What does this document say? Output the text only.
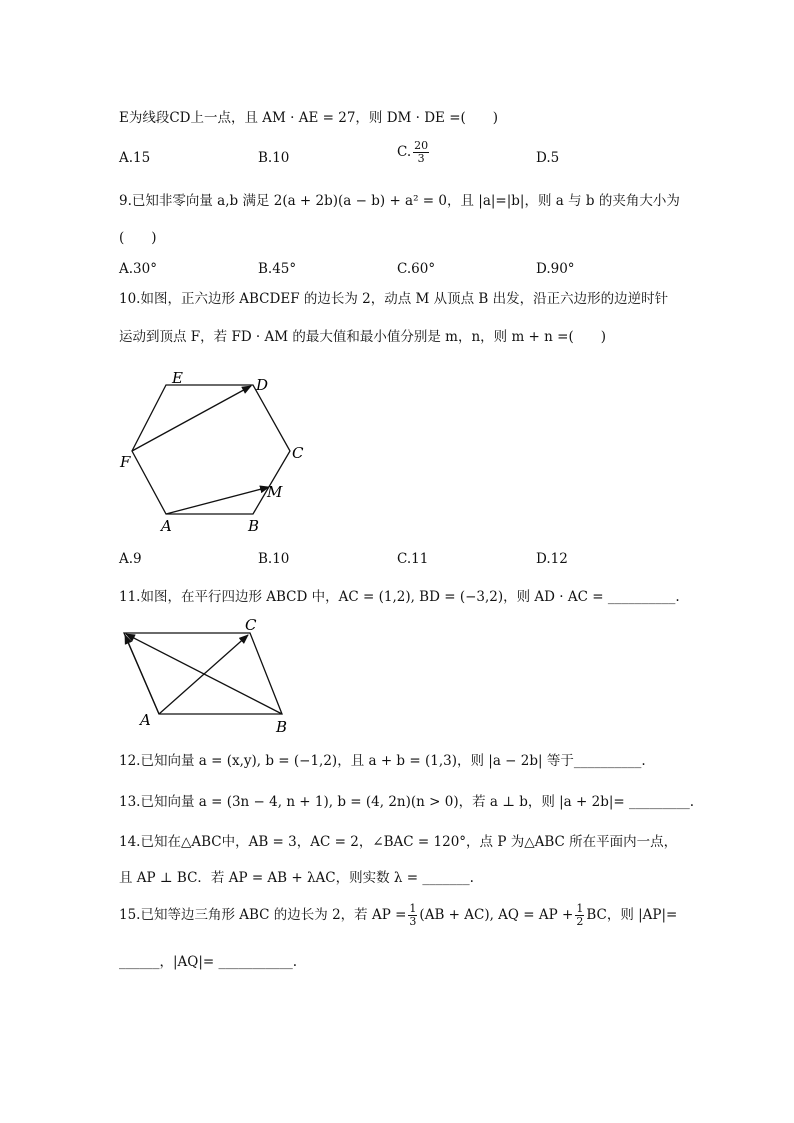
E为线段CD上一点，且 AM · AE = 27，则 DM · DE =(　　)
A.15	B.10	C. $\frac{20}{3}$	D.5
9.已知非零向量 a,b 满足 2(a + 2b)(a − b) + a² = 0，且 |a|=|b|，则 a 与 b 的夹角大小为
(　　)
A.30°	B.45°	C.60°	D.90°
10.如图，正六边形 ABCDEF 的边长为 2，动点 M 从顶点 B 出发，沿正六边形的边逆时针
运动到顶点 F，若 FD · AM 的最大值和最小值分别是 m，n，则 m + n =(　　)
E	D
C
M
F
A	B
A.9	B.10	C.11	D.12
11.如图，在平行四边形 ABCD 中，AC = (1,2), BD = (−3,2)，则 AD · AC = __________.
C
A	B
12.已知向量 a = (x,y), b = (−1,2)，且 a + b = (1,3)，则 |a − 2b| 等于__________.
13.已知向量 a = (3n − 4, n + 1), b = (4, 2n)(n > 0)，若 a ⊥ b，则 |a + 2b|= _________.
14.已知在△ABC中，AB = 3，AC = 2，∠BAC = 120°，点 P 为△ABC 所在平面内一点，
且 AP ⊥ BC．若 AP = AB + λAC，则实数 λ = _______.
15.已知等边三角形 ABC 的边长为 2，若 AP = $\frac{1}{3} (AB + AC)$, AQ = AP + $\frac{1}{2}$ BC，则 |AP|=
______，|AQ|= ___________.
